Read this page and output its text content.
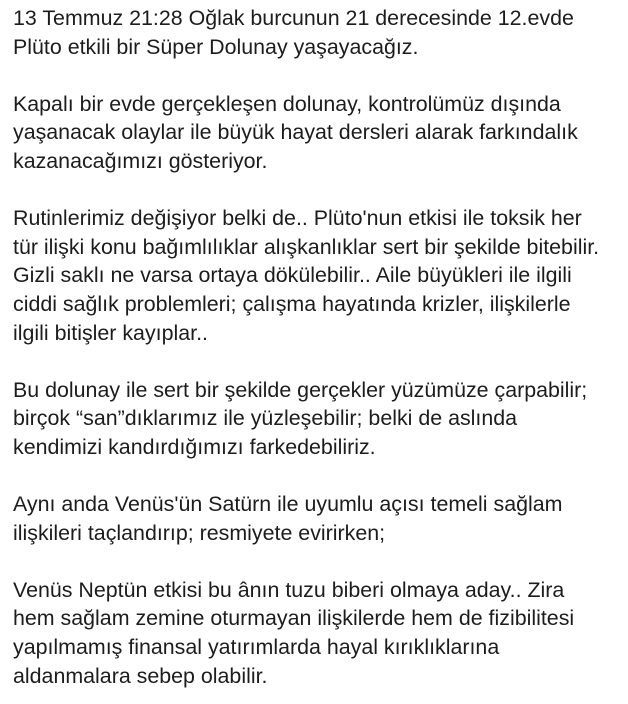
13 Temmuz 21:28 Oğlak burcunun 21 derecesinde 12.evde
Plüto etkili bir Süper Dolunay yaşayacağız.

Kapalı bir evde gerçekleşen dolunay, kontrolümüz dışında
yaşanacak olaylar ile büyük hayat dersleri alarak farkındalık
kazanacağımızı gösteriyor.

Rutinlerimiz değişiyor belki de.. Plüto'nun etkisi ile toksik her
tür ilişki konu bağımlılıklar alışkanlıklar sert bir şekilde bitebilir.
Gizli saklı ne varsa ortaya dökülebilir.. Aile büyükleri ile ilgili
ciddi sağlık problemleri; çalışma hayatında krizler, ilişkilerle
ilgili bitişler kayıplar..

Bu dolunay ile sert bir şekilde gerçekler yüzümüze çarpabilir;
birçok “san”dıklarımız ile yüzleşebilir; belki de aslında
kendimizi kandırdığımızı farkedebiliriz.

Aynı anda Venüs'ün Satürn ile uyumlu açısı temeli sağlam
ilişkileri taçlandırıp; resmiyete evirirken;

Venüs Neptün etkisi bu ânın tuzu biberi olmaya aday.. Zira
hem sağlam zemine oturmayan ilişkilerde hem de fizibilitesi
yapılmamış finansal yatırımlarda hayal kırıklıklarına
aldanmalara sebep olabilir.
